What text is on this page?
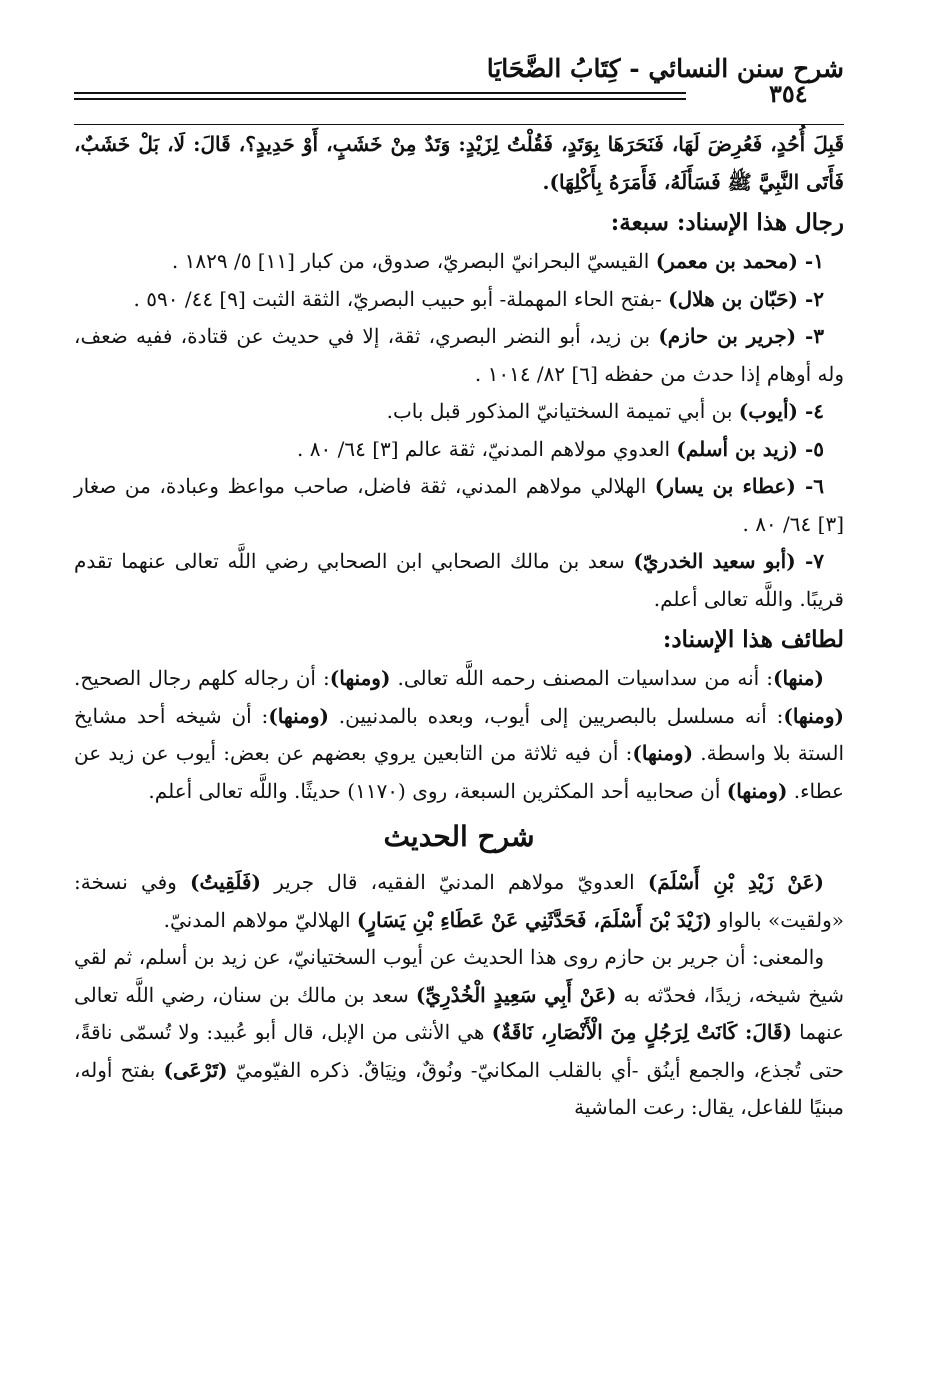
شرح سنن النسائي - كِتَابُ الضَّحَايَا
٣٥٤

قَبِلَ أُحُدٍ، فَعُرِضَ لَهَا، فَنَحَرَهَا بِوَتَدٍ، فَقُلْتُ لِزَيْدٍ: وَتَدٌ مِنْ خَشَبٍ، أَوْ حَدِيدٍ؟، قَالَ: لَا، بَلْ خَشَبٌ، فَأَتَى النَّبِيَّ ﷺ فَسَأَلَهُ، فَأَمَرَهُ بِأَكْلِهَا).

رجال هذا الإسناد: سبعة:

١- (محمد بن معمر) القيسيّ البحرانيّ البصريّ، صدوق، من كبار [١١] ٥/ ١٨٢٩ .

٢- (حَبّان بن هلال) -بفتح الحاء المهملة- أبو حبيب البصريّ، الثقة الثبت [٩] ٤٤/ ٥٩٠ .

٣- (جرير بن حازم) بن زيد، أبو النضر البصري، ثقة، إلا في حديث عن قتادة، ففيه ضعف، وله أوهام إذا حدث من حفظه [٦] ٨٢/ ١٠١٤ .

٤- (أيوب) بن أبي تميمة السختيانيّ المذكور قبل باب.

٥- (زيد بن أسلم) العدوي مولاهم المدنيّ، ثقة عالم [٣] ٦٤/ ٨٠ .

٦- (عطاء بن يسار) الهلالي مولاهم المدني، ثقة فاضل، صاحب مواعظ وعبادة، من صغار [٣] ٦٤/ ٨٠ .

٧- (أبو سعيد الخدريّ) سعد بن مالك الصحابي ابن الصحابي رضي اللَّه تعالى عنهما تقدم قريبًا. واللَّه تعالى أعلم.

لطائف هذا الإسناد:

(منها): أنه من سداسيات المصنف رحمه اللَّه تعالى. (ومنها): أن رجاله كلهم رجال الصحيح. (ومنها): أنه مسلسل بالبصريين إلى أيوب، وبعده بالمدنيين. (ومنها): أن شيخه أحد مشايخ الستة بلا واسطة. (ومنها): أن فيه ثلاثة من التابعين يروي بعضهم عن بعض: أيوب عن زيد عن عطاء. (ومنها) أن صحابيه أحد المكثرين السبعة، روى (١١٧٠) حديثًا. واللَّه تعالى أعلم.

شرح الحديث

(عَنْ زَيْدِ بْنِ أَسْلَمَ) العدويّ مولاهم المدنيّ الفقيه، قال جرير (فَلَقِيتُ) وفي نسخة: «ولقيت» بالواو (زَيْدَ بْنَ أَسْلَمَ، فَحَدَّثَنِي عَنْ عَطَاءِ بْنِ يَسَارٍ) الهلاليّ مولاهم المدنيّ.

والمعنى: أن جرير بن حازم روى هذا الحديث عن أيوب السختيانيّ، عن زيد بن أسلم، ثم لقي شيخ شيخه، زيدًا، فحدّثه به (عَنْ أَبِي سَعِيدٍ الْخُدْرِيِّ) سعد بن مالك بن سنان، رضي اللَّه تعالى عنهما (قَالَ: كَانَتْ لِرَجُلٍ مِنَ الْأَنْصَارِ، نَاقَةٌ) هي الأنثى من الإبل، قال أبو عُبيد: ولا تُسمّى ناقةً، حتى تُجذع، والجمع أينُق -أي بالقلب المكانيّ- ونُوقٌ، ونِيَاقٌ. ذكره الفيّوميّ (تَرْعَى) بفتح أوله، مبنيًا للفاعل، يقال: رعت الماشية
